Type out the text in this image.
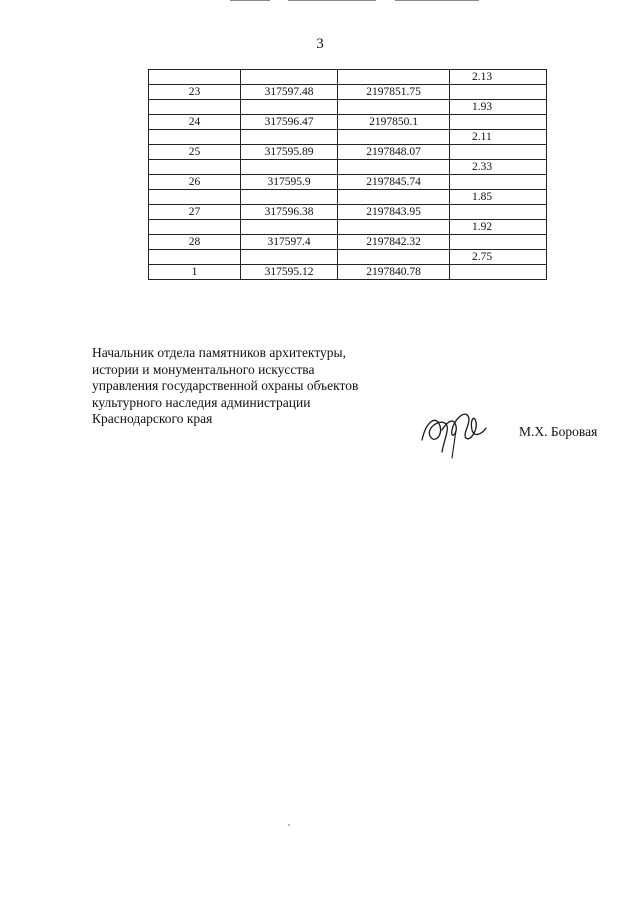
3
			2.13
23	317597.48	2197851.75	
			1.93
24	317596.47	2197850.1	
			2.11
25	317595.89	2197848.07	
			2.33
26	317595.9	2197845.74	
			1.85
27	317596.38	2197843.95	
			1.92
28	317597.4	2197842.32	
			2.75
1	317595.12	2197840.78	
Начальник отдела памятников архитектуры,
истории и монументального искусства
управления государственной охраны объектов
культурного наследия администрации
Краснодарского края
М.Х. Боровая
